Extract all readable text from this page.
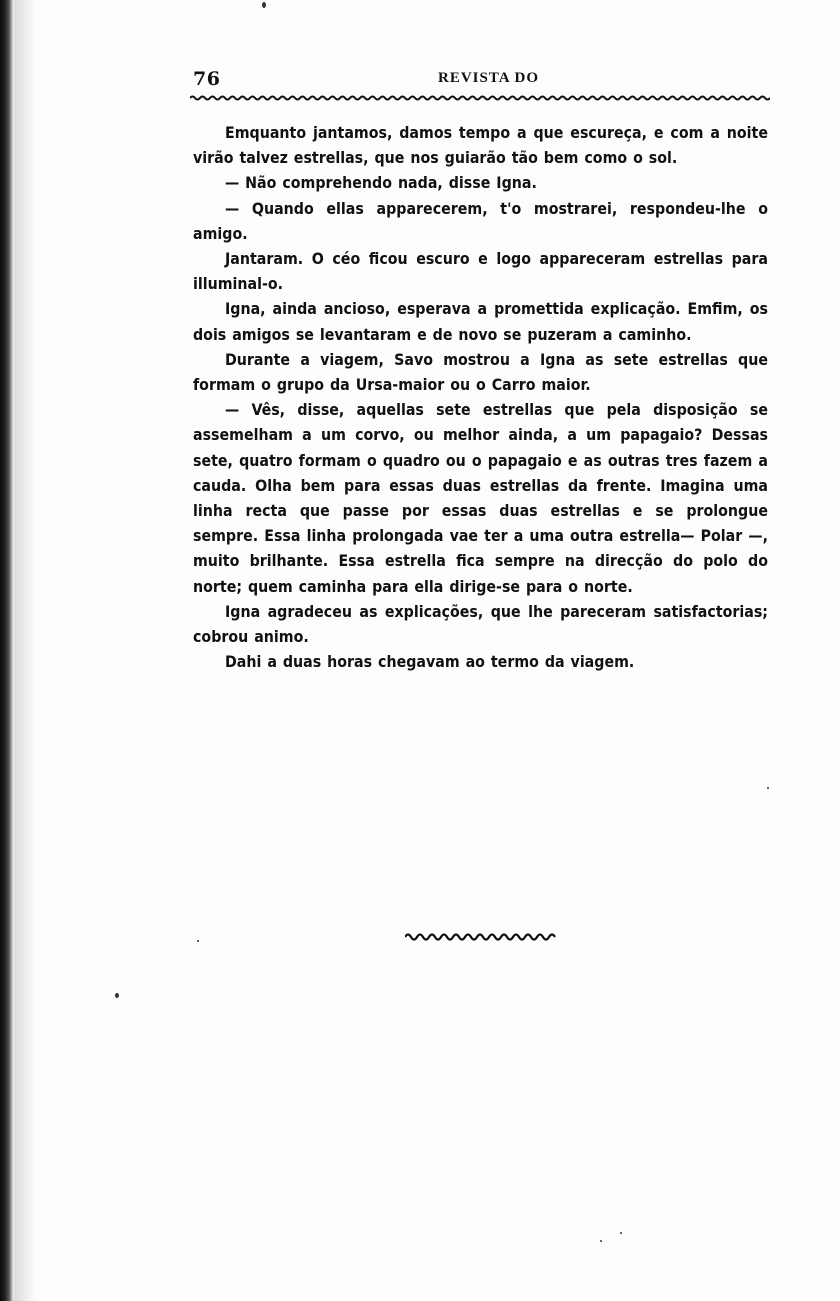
76	REVISTA DO

Emquanto jantamos, damos tempo a que escureça, e com a noite virão talvez estrellas, que nos guiarão tão bem como o sol.

— Não comprehendo nada, disse Igna.

— Quando ellas apparecerem, t'o mostrarei, respondeu-lhe o amigo.

Jantaram. O céo ficou escuro e logo appareceram estrellas para illuminal-o.

Igna, ainda ancioso, esperava a promettida explicação. Emfim, os dois amigos se levantaram e de novo se puzeram a caminho.

Durante a viagem, Savo mostrou a Igna as sete estrellas que formam o grupo da Ursa-maior ou o Carro maior.

— Vês, disse, aquellas sete estrellas que pela disposição se assemelham a um corvo, ou melhor ainda, a um papagaio? Dessas sete, quatro formam o quadro ou o papagaio e as outras tres fazem a cauda. Olha bem para essas duas estrellas da frente. Imagina uma linha recta que passe por essas duas estrellas e se prolongue sempre. Essa linha prolongada vae ter a uma outra estrella— Polar —, muito brilhante. Essa estrella fica sempre na direcção do polo do norte; quem caminha para ella dirige-se para o norte.

Igna agradeceu as explicações, que lhe pareceram satisfactorias; cobrou animo.

Dahi a duas horas chegavam ao termo da viagem.
